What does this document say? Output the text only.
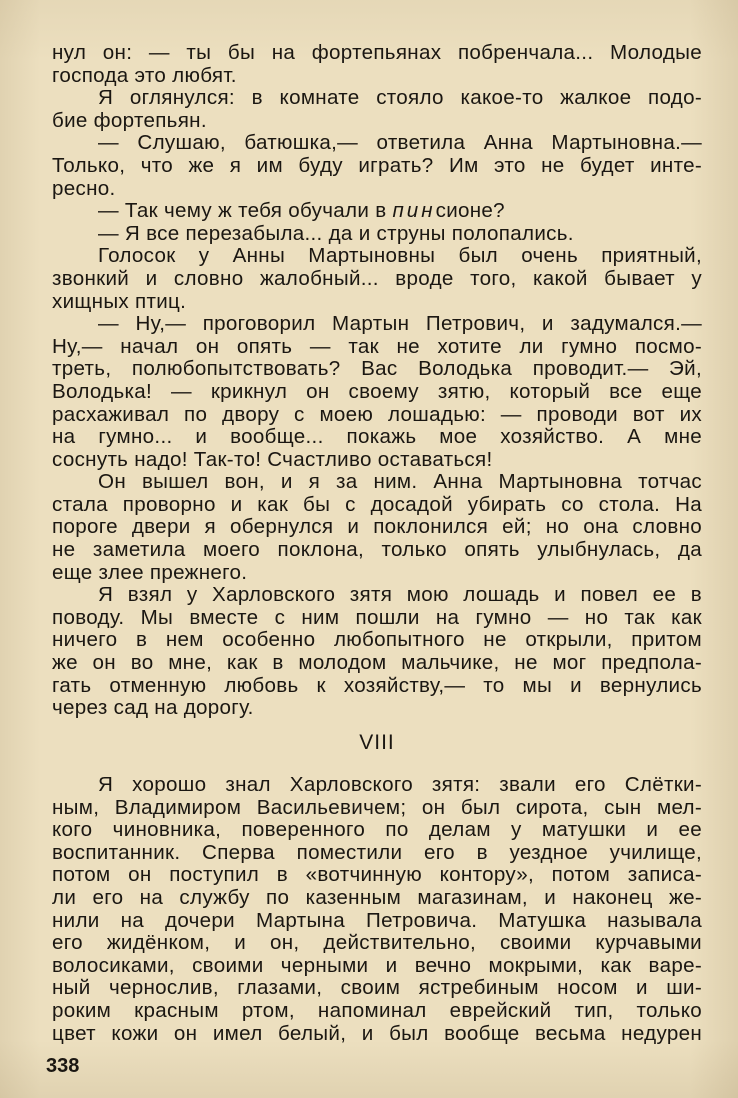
нул он: — ты бы на фортепьянах побренчала... Молодые
господа это любят.
Я оглянулся: в комнате стояло какое-то жалкое подо-
бие фортепьян.
— Слушаю, батюшка,— ответила Анна Мартыновна.—
Только, что же я им буду играть? Им это не будет инте-
ресно.
— Так чему ж тебя обучали в пинсионе?
— Я все перезабыла... да и струны полопались.
Голосок у Анны Мартыновны был очень приятный,
звонкий и словно жалобный... вроде того, какой бывает у
хищных птиц.
— Ну,— проговорил Мартын Петрович, и задумался.—
Ну,— начал он опять — так не хотите ли гумно посмо-
треть, полюбопытствовать? Вас Володька проводит.— Эй,
Володька! — крикнул он своему зятю, который все еще
расхаживал по двору с моею лошадью: — проводи вот их
на гумно... и вообще... покажь мое хозяйство. А мне
соснуть надо! Так-то! Счастливо оставаться!
Он вышел вон, и я за ним. Анна Мартыновна тотчас
стала проворно и как бы с досадой убирать со стола. На
пороге двери я обернулся и поклонился ей; но она словно
не заметила моего поклона, только опять улыбнулась, да
еще злее прежнего.
Я взял у Харловского зятя мою лошадь и повел ее в
поводу. Мы вместе с ним пошли на гумно — но так как
ничего в нем особенно любопытного не открыли, притом
же он во мне, как в молодом мальчике, не мог предпола-
гать отменную любовь к хозяйству,— то мы и вернулись
через сад на дорогу.
VIII
Я хорошо знал Харловского зятя: звали его Слётки-
ным, Владимиром Васильевичем; он был сирота, сын мел-
кого чиновника, поверенного по делам у матушки и ее
воспитанник. Сперва поместили его в уездное училище,
потом он поступил в «вотчинную контору», потом записа-
ли его на службу по казенным магазинам, и наконец же-
нили на дочери Мартына Петровича. Матушка называла
его жидёнком, и он, действительно, своими курчавыми
волосиками, своими черными и вечно мокрыми, как варе-
ный чернослив, глазами, своим ястребиным носом и ши-
роким красным ртом, напоминал еврейский тип, только
цвет кожи он имел белый, и был вообще весьма недурен
338
